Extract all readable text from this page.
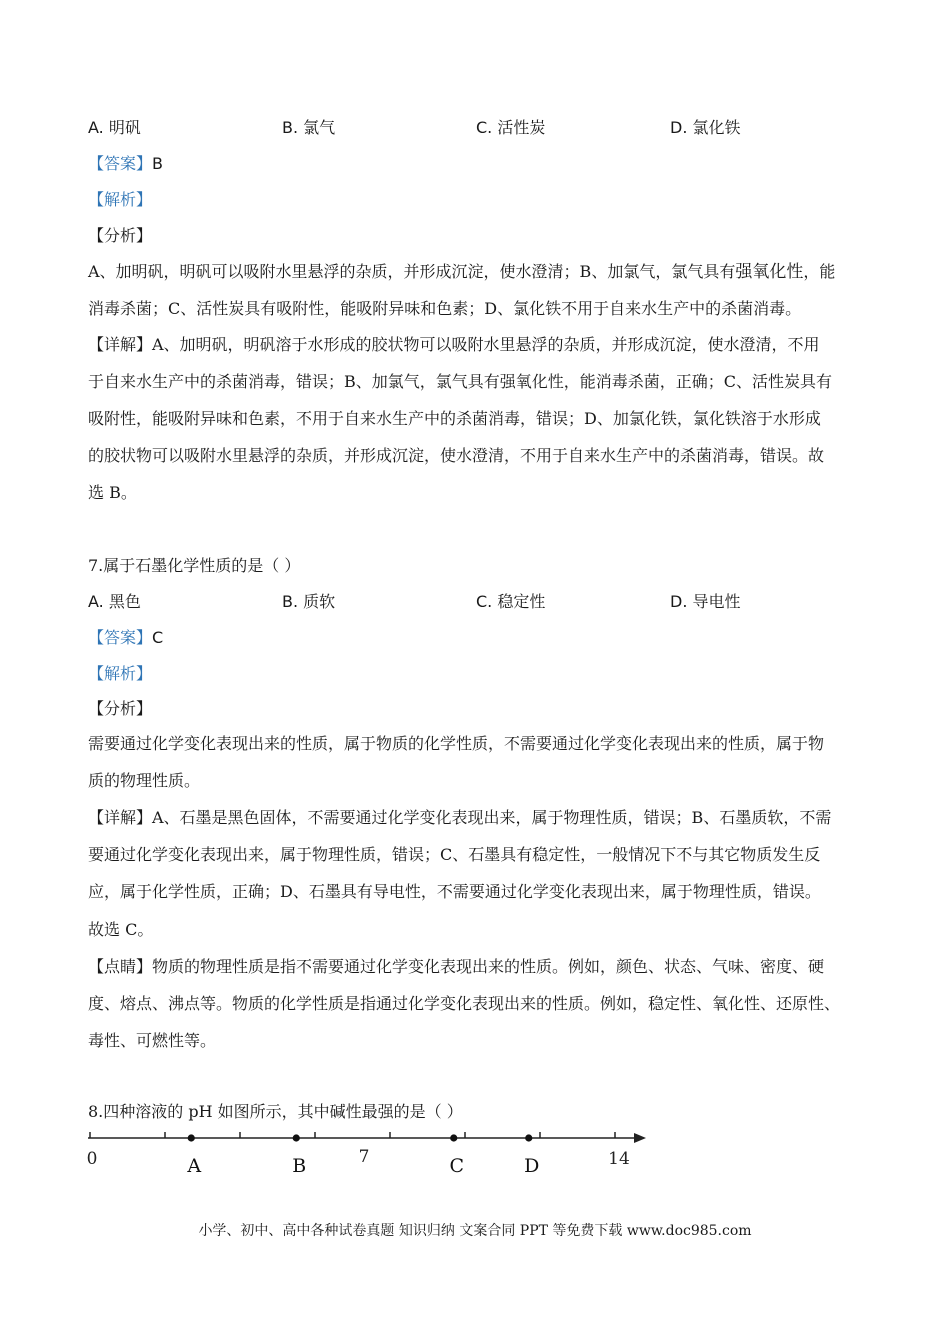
A. 明矾	B. 氯气	C. 活性炭	D. 氯化铁
【答案】B
【解析】
【分析】
A、加明矾，明矾可以吸附水里悬浮的杂质，并形成沉淀，使水澄清；B、加氯气，氯气具有强氧化性，能
消毒杀菌；C、活性炭具有吸附性，能吸附异味和色素；D、氯化铁不用于自来水生产中的杀菌消毒。
【详解】A、加明矾，明矾溶于水形成的胶状物可以吸附水里悬浮的杂质，并形成沉淀，使水澄清，不用
于自来水生产中的杀菌消毒，错误；B、加氯气，氯气具有强氧化性，能消毒杀菌，正确；C、活性炭具有
吸附性，能吸附异味和色素，不用于自来水生产中的杀菌消毒，错误；D、加氯化铁，氯化铁溶于水形成
的胶状物可以吸附水里悬浮的杂质，并形成沉淀，使水澄清，不用于自来水生产中的杀菌消毒，错误。故
选 B。
7.属于石墨化学性质的是（ ）
A. 黑色	B. 质软	C. 稳定性	D. 导电性
【答案】C
【解析】
【分析】
需要通过化学变化表现出来的性质，属于物质的化学性质，不需要通过化学变化表现出来的性质，属于物
质的物理性质。
【详解】A、石墨是黑色固体，不需要通过化学变化表现出来，属于物理性质，错误；B、石墨质软，不需
要通过化学变化表现出来，属于物理性质，错误；C、石墨具有稳定性，一般情况下不与其它物质发生反
应，属于化学性质，正确；D、石墨具有导电性，不需要通过化学变化表现出来，属于物理性质，错误。
故选 C。
【点睛】物质的物理性质是指不需要通过化学变化表现出来的性质。例如，颜色、状态、气味、密度、硬
度、熔点、沸点等。物质的化学性质是指通过化学变化表现出来的性质。例如，稳定性、氧化性、还原性、
毒性、可燃性等。
8.四种溶液的 pH 如图所示，其中碱性最强的是（ ）
A	B	C	D
0	7	14
小学、初中、高中各种试卷真题 知识归纳 文案合同 PPT 等免费下载 www.doc985.com
